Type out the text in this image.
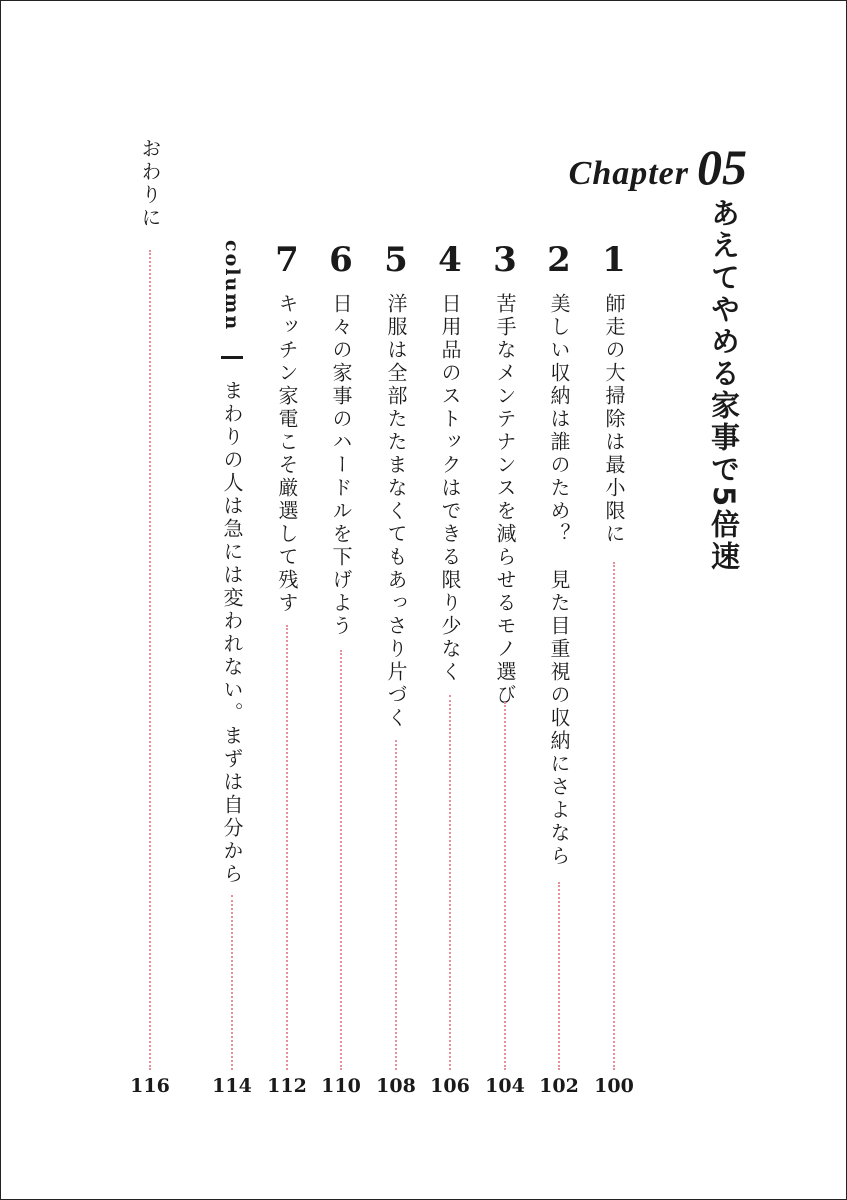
Chapter 05
あえてやめる家事で5倍速
1
師走の大掃除は最小限に
100
2
美しい収納は誰のため？　見た目重視の収納にさよなら
102
3
苦手なメンテナンスを減らせるモノ選び
104
4
日用品のストックはできる限り少なく
106
5
洋服は全部たたまなくてもあっさり片づく
108
6
日々の家事のハードルを下げよう
110
7
キッチン家電こそ厳選して残す
112
column
まわりの人は急には変われない。まずは自分から
114
おわりに
116
